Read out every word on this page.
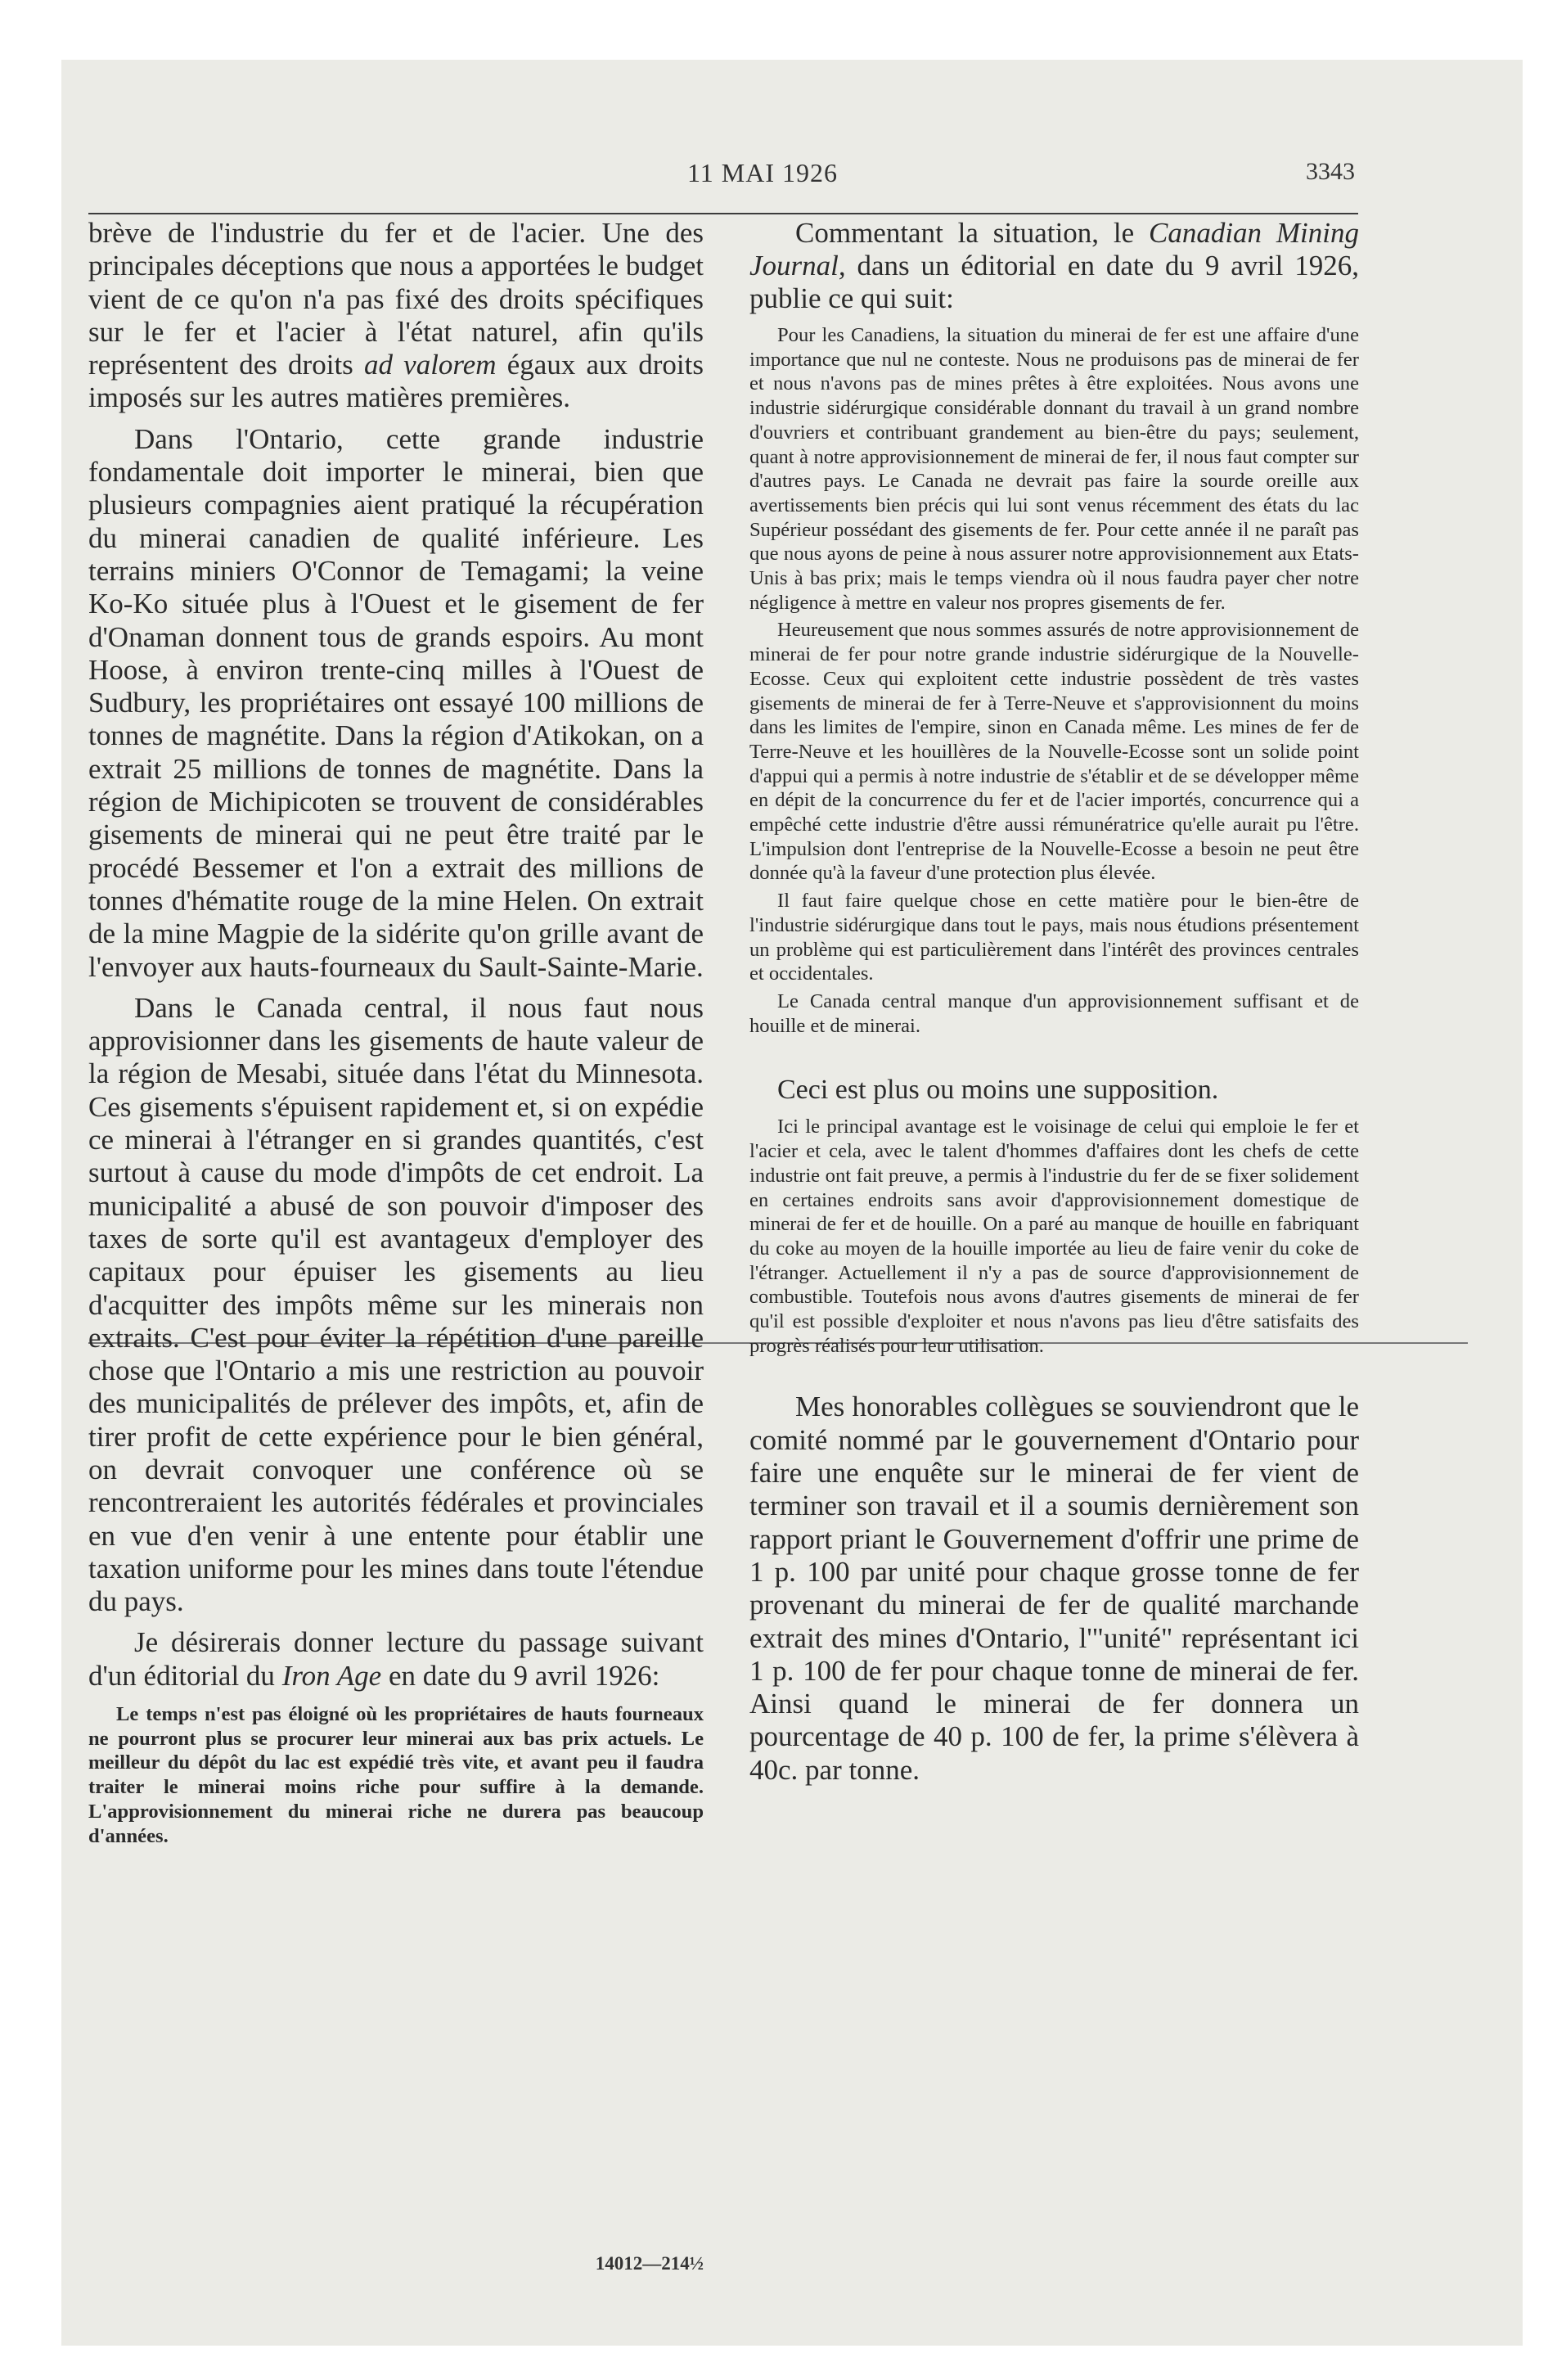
11 MAI 1926	3343

brève de l'industrie du fer et de l'acier. Une des principales déceptions que nous a apportées le budget vient de ce qu'on n'a pas fixé des droits spécifiques sur le fer et l'acier à l'état naturel, afin qu'ils représentent des droits ad valorem égaux aux droits imposés sur les autres matières premières.

Dans l'Ontario, cette grande industrie fondamentale doit importer le minerai, bien que plusieurs compagnies aient pratiqué la récupération du minerai canadien de qualité inférieure. Les terrains miniers O'Connor de Temagami; la veine Ko-Ko située plus à l'Ouest et le gisement de fer d'Onaman donnent tous de grands espoirs. Au mont Hoose, à environ trente-cinq milles à l'Ouest de Sudbury, les propriétaires ont essayé 100 millions de tonnes de magnétite. Dans la région d'Atikokan, on a extrait 25 millions de tonnes de magnétite. Dans la région de Michipicoten se trouvent de considérables gisements de minerai qui ne peut être traité par le procédé Bessemer et l'on a extrait des millions de tonnes d'hématite rouge de la mine Helen. On extrait de la mine Magpie de la sidérite qu'on grille avant de l'envoyer aux hauts-fourneaux du Sault-Sainte-Marie.

Dans le Canada central, il nous faut nous approvisionner dans les gisements de haute valeur de la région de Mesabi, située dans l'état du Minnesota. Ces gisements s'épuisent rapidement et, si on expédie ce minerai à l'étranger en si grandes quantités, c'est surtout à cause du mode d'impôts de cet endroit. La municipalité a abusé de son pouvoir d'imposer des taxes de sorte qu'il est avantageux d'employer des capitaux pour épuiser les gisements au lieu d'acquitter des impôts même sur les minerais non extraits. C'est pour éviter la répétition d'une pareille chose que l'Ontario a mis une restriction au pouvoir des municipalités de prélever des impôts, et, afin de tirer profit de cette expérience pour le bien général, on devrait convoquer une conférence où se rencontreraient les autorités fédérales et provinciales en vue d'en venir à une entente pour établir une taxation uniforme pour les mines dans toute l'étendue du pays.

Je désirerais donner lecture du passage suivant d'un éditorial du Iron Age en date du 9 avril 1926:

Le temps n'est pas éloigné où les propriétaires de hauts fourneaux ne pourront plus se procurer leur minerai aux bas prix actuels. Le meilleur du dépôt du lac est expédié très vite, et avant peu il faudra traiter le minerai moins riche pour suffire à la demande. L'approvisionnement du minerai riche ne durera pas beaucoup d'années.

Commentant la situation, le Canadian Mining Journal, dans un éditorial en date du 9 avril 1926, publie ce qui suit:

Pour les Canadiens, la situation du minerai de fer est une affaire d'une importance que nul ne conteste. Nous ne produisons pas de minerai de fer et nous n'avons pas de mines prêtes à être exploitées. Nous avons une industrie sidérurgique considérable donnant du travail à un grand nombre d'ouvriers et contribuant grandement au bien-être du pays; seulement, quant à notre approvisionnement de minerai de fer, il nous faut compter sur d'autres pays. Le Canada ne devrait pas faire la sourde oreille aux avertissements bien précis qui lui sont venus récemment des états du lac Supérieur possédant des gisements de fer. Pour cette année il ne paraît pas que nous ayons de peine à nous assurer notre approvisionnement aux Etats-Unis à bas prix; mais le temps viendra où il nous faudra payer cher notre négligence à mettre en valeur nos propres gisements de fer.

Heureusement que nous sommes assurés de notre approvisionnement de minerai de fer pour notre grande industrie sidérurgique de la Nouvelle-Ecosse. Ceux qui exploitent cette industrie possèdent de très vastes gisements de minerai de fer à Terre-Neuve et s'approvisionnent du moins dans les limites de l'empire, sinon en Canada même. Les mines de fer de Terre-Neuve et les houillères de la Nouvelle-Ecosse sont un solide point d'appui qui a permis à notre industrie de s'établir et de se développer même en dépit de la concurrence du fer et de l'acier importés, concurrence qui a empêché cette industrie d'être aussi rémunératrice qu'elle aurait pu l'être. L'impulsion dont l'entreprise de la Nouvelle-Ecosse a besoin ne peut être donnée qu'à la faveur d'une protection plus élevée.

Il faut faire quelque chose en cette matière pour le bien-être de l'industrie sidérurgique dans tout le pays, mais nous étudions présentement un problème qui est particulièrement dans l'intérêt des provinces centrales et occidentales.

Le Canada central manque d'un approvisionnement suffisant et de houille et de minerai.

Ceci est plus ou moins une supposition.

Ici le principal avantage est le voisinage de celui qui emploie le fer et l'acier et cela, avec le talent d'hommes d'affaires dont les chefs de cette industrie ont fait preuve, a permis à l'industrie du fer de se fixer solidement en certaines endroits sans avoir d'approvisionnement domestique de minerai de fer et de houille. On a paré au manque de houille en fabriquant du coke au moyen de la houille importée au lieu de faire venir du coke de l'étranger. Actuellement il n'y a pas de source d'approvisionnement de combustible. Toutefois nous avons d'autres gisements de minerai de fer qu'il est possible d'exploiter et nous n'avons pas lieu d'être satisfaits des progrès réalisés pour leur utilisation.

Mes honorables collègues se souviendront que le comité nommé par le gouvernement d'Ontario pour faire une enquête sur le minerai de fer vient de terminer son travail et il a soumis dernièrement son rapport priant le Gouvernement d'offrir une prime de 1 p. 100 par unité pour chaque grosse tonne de fer provenant du minerai de fer de qualité marchande extrait des mines d'Ontario, l'"unité" représentant ici 1 p. 100 de fer pour chaque tonne de minerai de fer. Ainsi quand le minerai de fer donnera un pourcentage de 40 p. 100 de fer, la prime s'élèvera à 40c. par tonne.

14012—214½
